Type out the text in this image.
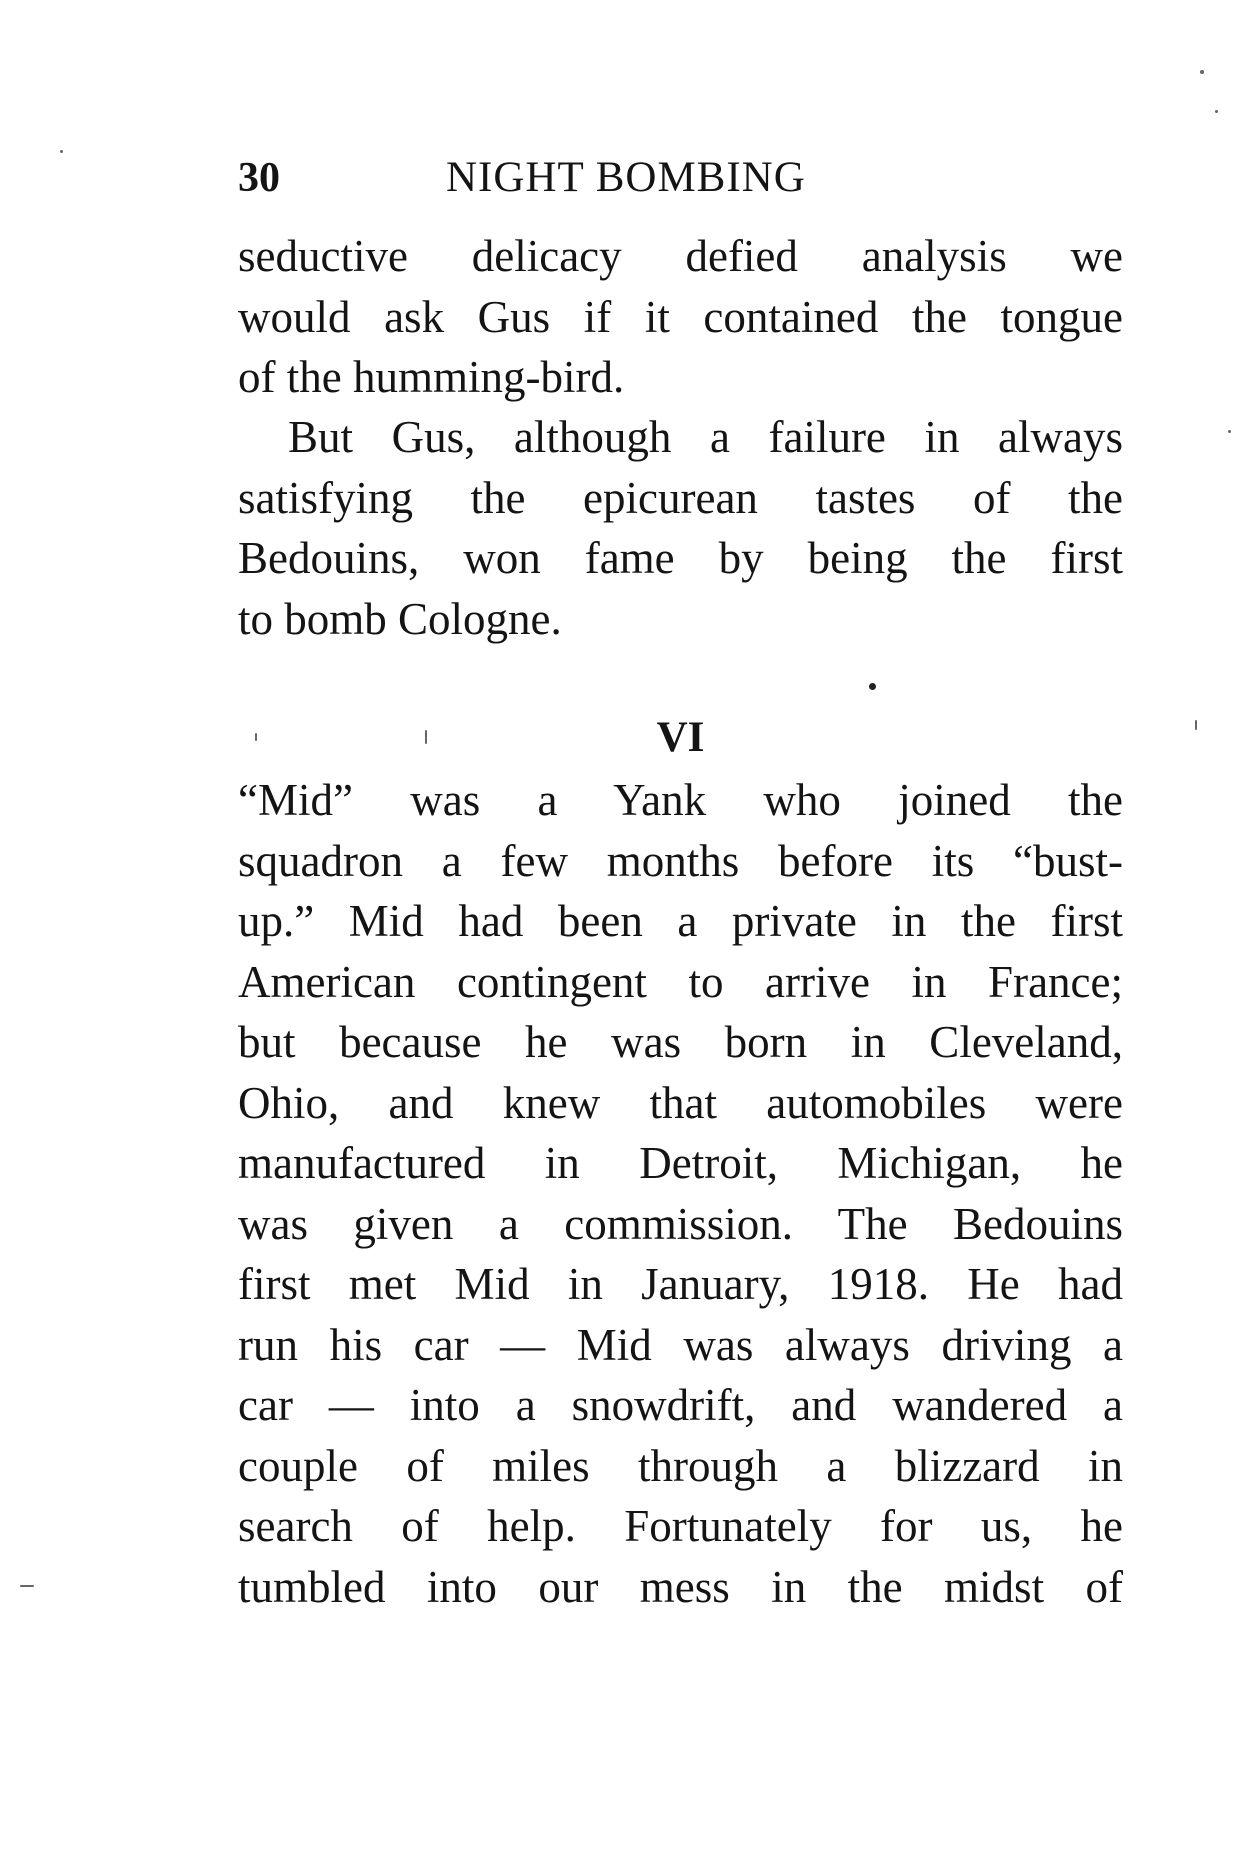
30	NIGHT BOMBING
seductive delicacy defied analysis we
would ask Gus if it contained the tongue
of the humming-bird.
But Gus, although a failure in always
satisfying the epicurean tastes of the
Bedouins, won fame by being the first
to bomb Cologne.
VI
“Mid” was a Yank who joined the
squadron a few months before its “bust-
up.” Mid had been a private in the first
American contingent to arrive in France;
but because he was born in Cleveland,
Ohio, and knew that automobiles were
manufactured in Detroit, Michigan, he
was given a commission. The Bedouins
first met Mid in January, 1918. He had
run his car — Mid was always driving a
car — into a snowdrift, and wandered a
couple of miles through a blizzard in
search of help. Fortunately for us, he
tumbled into our mess in the midst of
